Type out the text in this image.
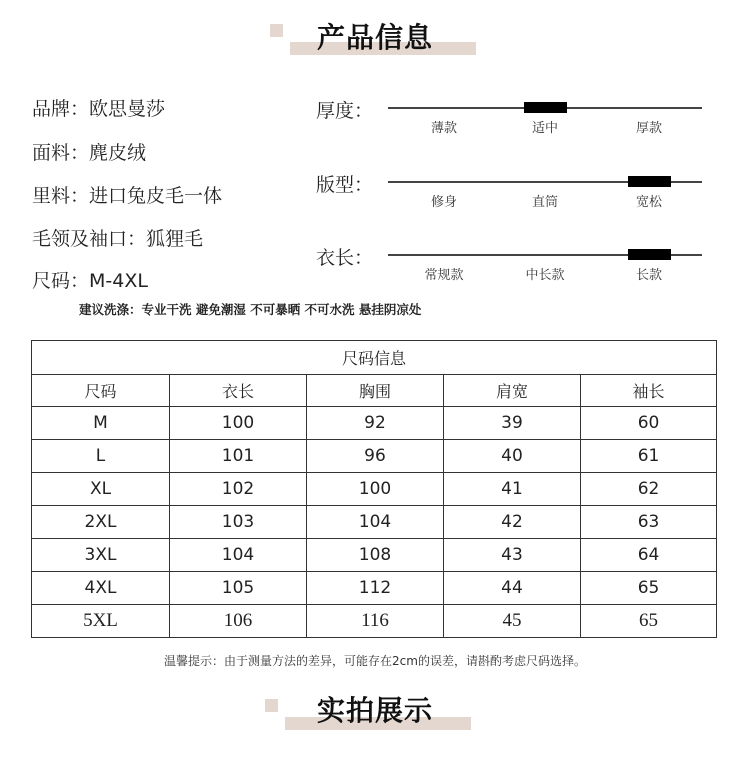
产品信息
品牌：欧思曼莎
面料：麂皮绒
里料：进口兔皮毛一体
毛领及袖口：狐狸毛
尺码：M-4XL
建议洗涤：专业干洗 避免潮湿 不可暴晒 不可水洗 悬挂阴凉处
厚度：
薄款	适中	厚款
版型：
修身	直筒	宽松
衣长：
常规款	中长款	长款
尺码信息				
尺码	衣长	胸围	肩宽	袖长
M	100	92	39	60
L	101	96	40	61
XL	102	100	41	62
2XL	103	104	42	63
3XL	104	108	43	64
4XL	105	112	44	65
5XL	106	116	45	65
温馨提示：由于测量方法的差异，可能存在2cm的误差，请斟酌考虑尺码选择。
实拍展示
